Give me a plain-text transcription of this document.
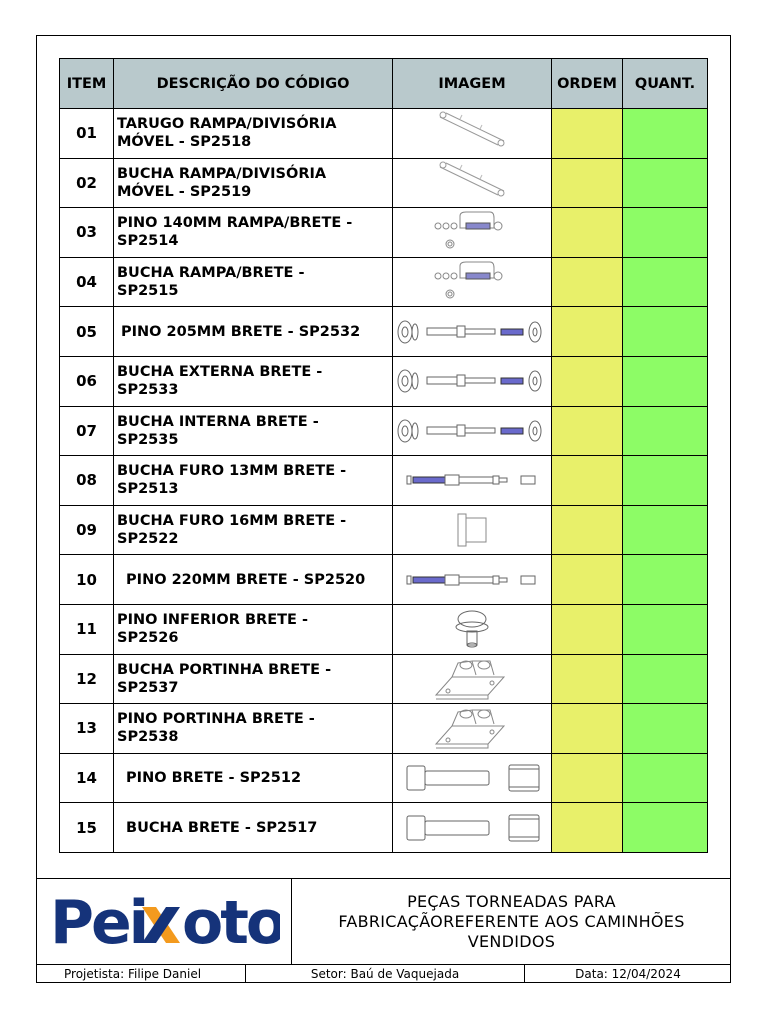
ITEM	DESCRIÇÃO DO CÓDIGO	IMAGEM	ORDEM	QUANT.
01	TARUGO RAMPA/DIVISÓRIA
MÓVEL - SP2518

02	BUCHA RAMPA/DIVISÓRIA
MÓVEL - SP2519

03	PINO 140MM RAMPA/BRETE -
SP2514

04	BUCHA RAMPA/BRETE -
SP2515

05	PINO 205MM BRETE - SP2532

06	BUCHA EXTERNA BRETE -
SP2533

07	BUCHA INTERNA BRETE -
SP2535

08	BUCHA FURO 13MM BRETE -
SP2513

09	BUCHA FURO 16MM BRETE -
SP2522

10	PINO 220MM BRETE - SP2520

11	PINO INFERIOR BRETE -
SP2526

12	BUCHA PORTINHA BRETE -
SP2537

13	PINO PORTINHA BRETE -
SP2538

14	PINO BRETE - SP2512

15	BUCHA BRETE - SP2517

Pei oto	PEÇAS TORNEADAS PARA
FABRICAÇÃOREFERENTE AOS CAMINHÕES
VENDIDOS
Projetista: Filipe Daniel	Setor: Baú de Vaquejada	Data: 12/04/2024
